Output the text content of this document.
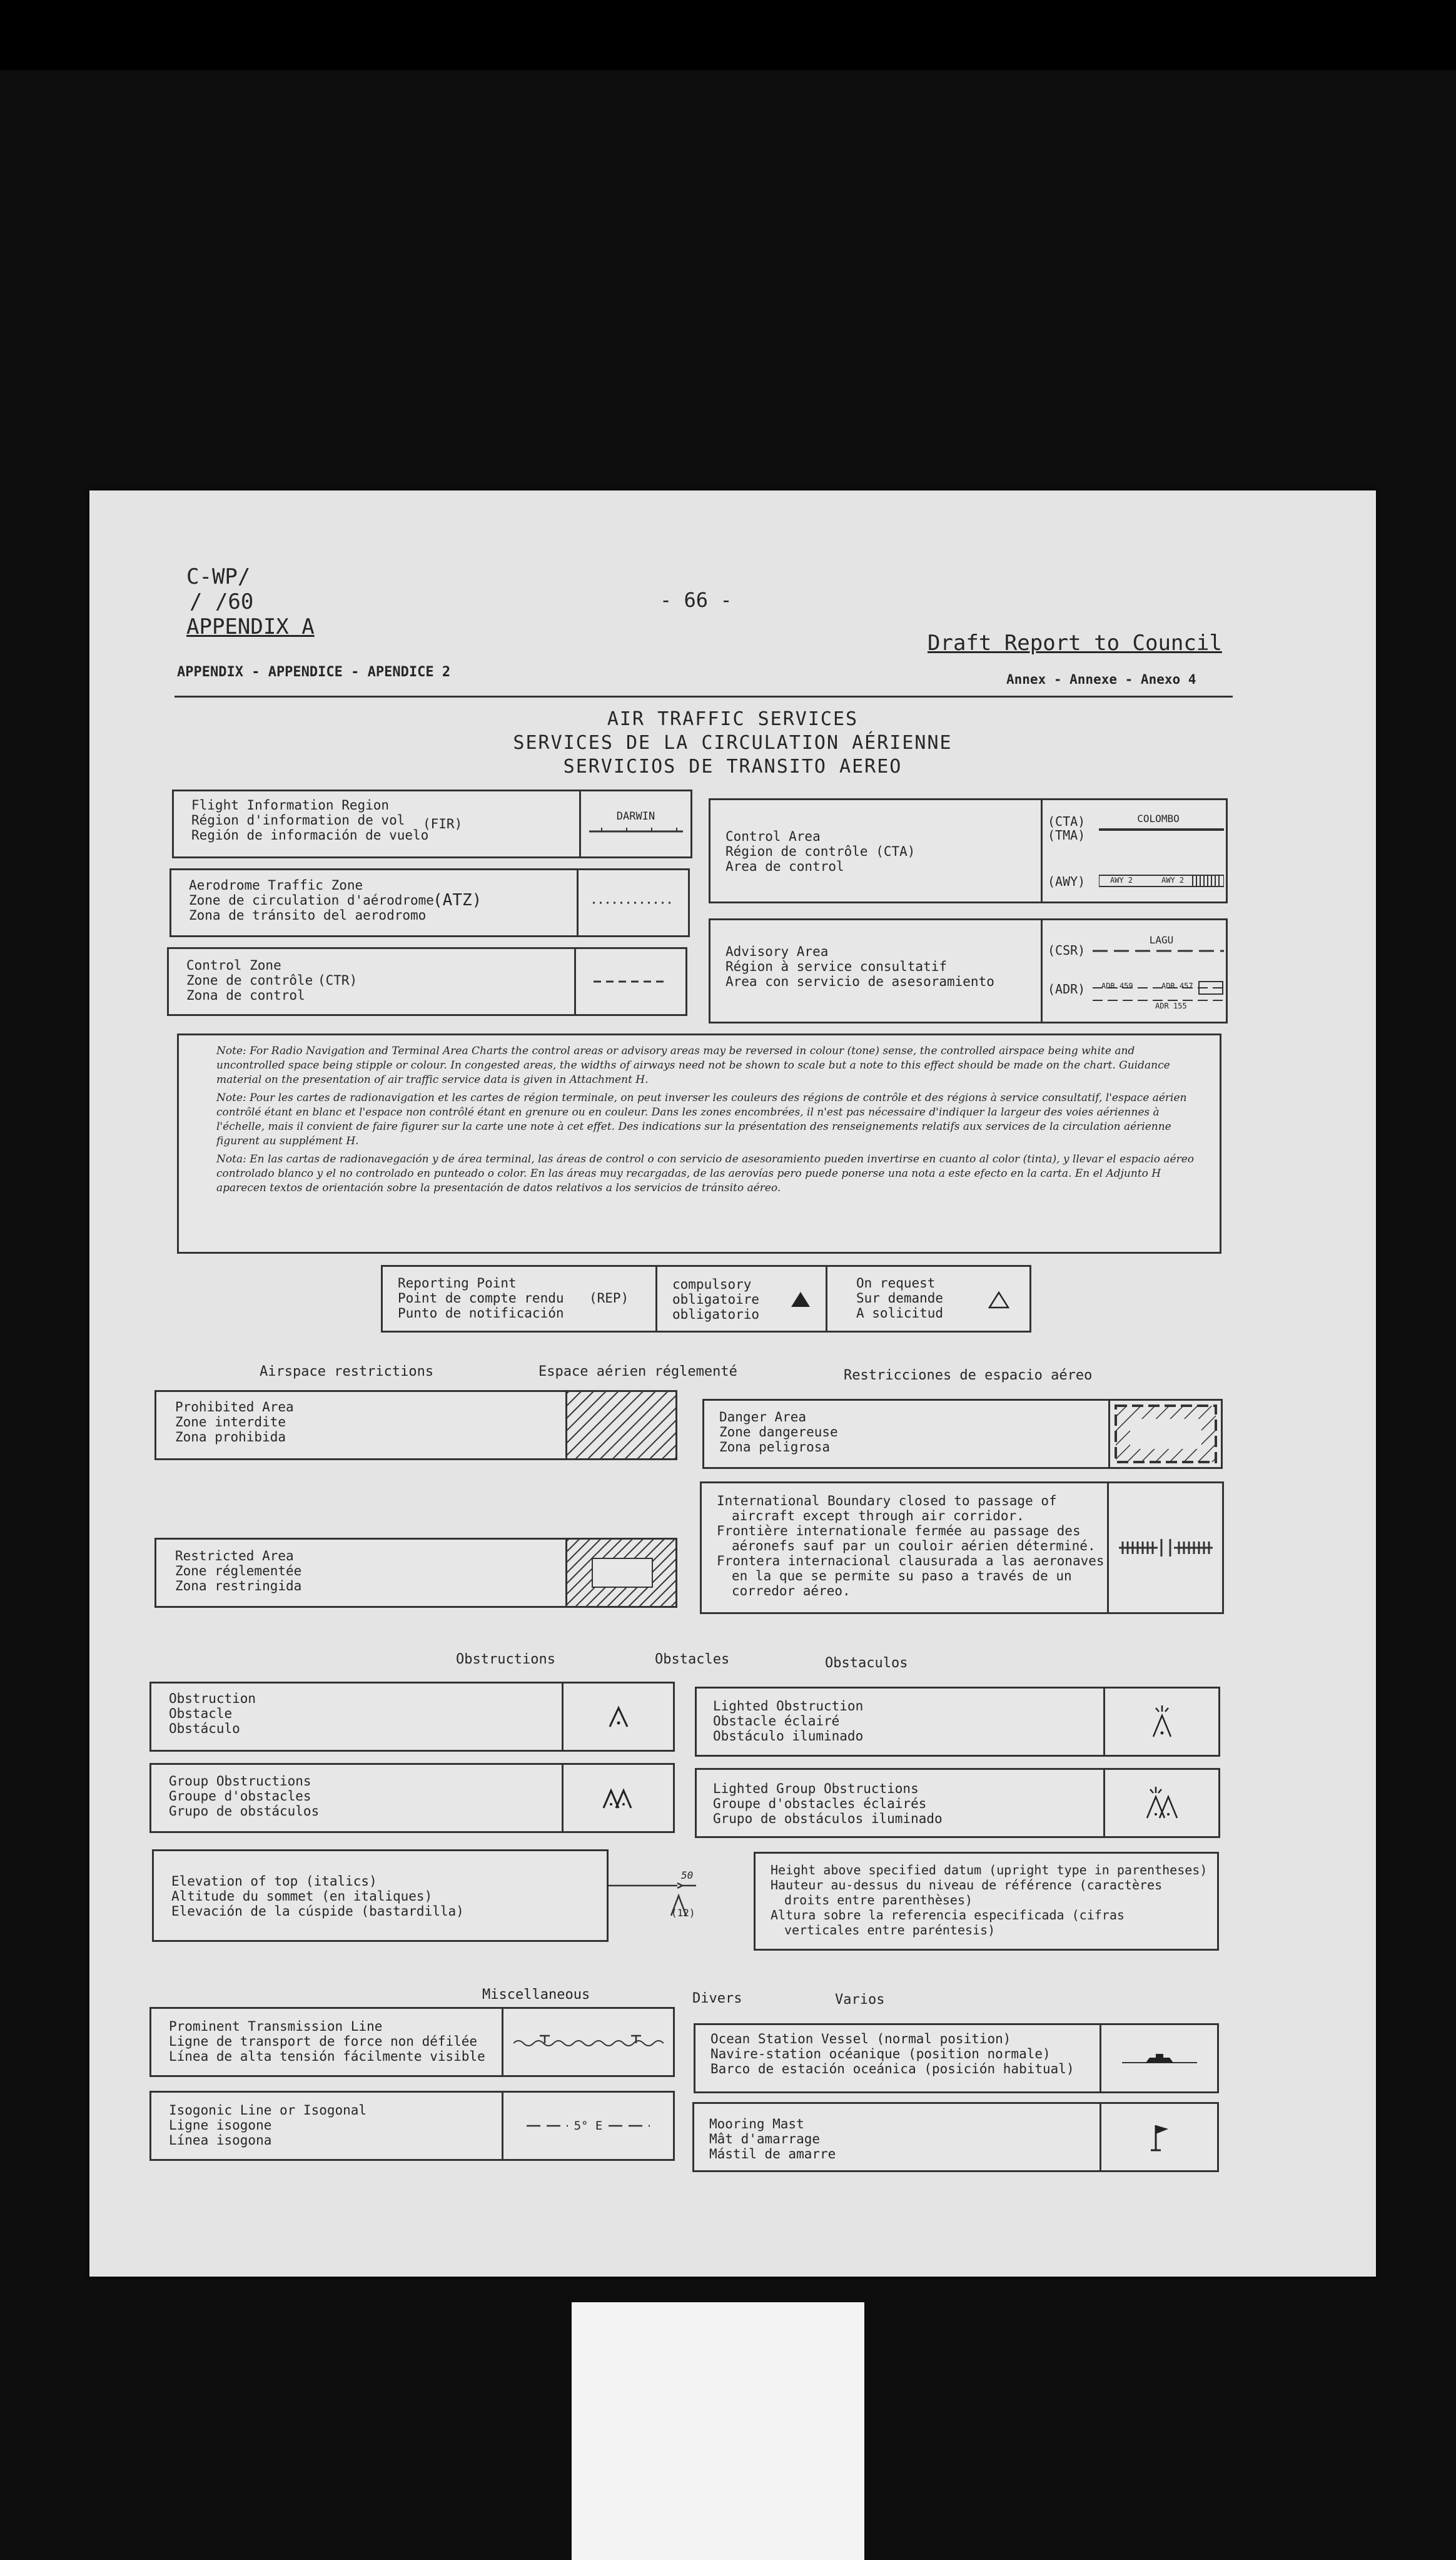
C-WP/
/ /60
APPENDIX A
- 66 -
Draft Report to Council
APPENDIX - APPENDICE - APENDICE 2	Annex - Annexe - Anexo 4
AIR TRAFFIC SERVICES
SERVICES DE LA CIRCULATION AÉRIENNE
SERVICIOS DE TRANSITO AEREO
Flight Information Region
Région d'information de vol (FIR)
Región de información de vuelo
DARWIN
Aerodrome Traffic Zone
Zone de circulation d'aérodrome
(ATZ)
Zona de tránsito del aerodromo
Control Zone
Zone de contrôle (CTR)
Zona de control
Control Area
Région de contrôle (CTA)
Area de control
(CTA)
(TMA)
(AWY)
COLOMBO
AWY 2	AWY 2
Advisory Area
Région à service consultatif
Area con servicio de asesoramiento
(CSR)
(ADR)
LAGU
ADR 459	ADR 457
ADR 155
Note: For Radio Navigation and Terminal Area Charts the control areas or advisory areas may be reversed in colour (tone) sense, the controlled airspace being white and uncontrolled space being stipple or colour. In congested areas, the widths of airways need not be shown to scale but a note to this effect should be made on the chart. Guidance material on the presentation of air traffic service data is given in Attachment H.
Note: Pour les cartes de radionavigation et les cartes de région terminale, on peut inverser les couleurs des régions de contrôle et des régions à service consultatif, l'espace aérien contrôlé étant en blanc et l'espace non contrôlé étant en grenure ou en couleur. Dans les zones encombrées, il n'est pas nécessaire d'indiquer la largeur des voies aériennes à l'échelle, mais il convient de faire figurer sur la carte une note à cet effet. Des indications sur la présentation des renseignements relatifs aux services de la circulation aérienne figurent au supplément H.
Nota: En las cartas de radionavegación y de área terminal, las áreas de control o con servicio de asesoramiento pueden invertirse en cuanto al color (tinta), y llevar el espacio aéreo controlado blanco y el no controlado en punteado o color. En las áreas muy recargadas, de las aerovías pero puede ponerse una nota a este efecto en la carta. En el Adjunto H aparecen textos de orientación sobre la presentación de datos relativos a los servicios de tránsito aéreo.
Reporting Point
Point de compte rendu
Punto de notificación
(REP)
compulsory
obligatoire
obligatorio
On request
Sur demande
A solicitud
Airspace restrictions	Espace aérien réglementé	Restricciones de espacio aéreo
Prohibited Area
Zone interdite
Zona prohibida
Danger Area
Zone dangereuse
Zona peligrosa
International Boundary closed to passage of
aircraft except through air corridor.
Frontière internationale fermée au passage des
aéronefs sauf par un couloir aérien déterminé.
Frontera internacional clausurada a las aeronaves
en la que se permite su paso a través de un
corredor aéreo.
Restricted Area
Zone réglementée
Zona restringida
Obstructions	Obstacles	Obstaculos
Obstruction
Obstacle
Obstáculo
Lighted Obstruction
Obstacle éclairé
Obstáculo iluminado
Group Obstructions
Groupe d'obstacles
Grupo de obstáculos
Lighted Group Obstructions
Groupe d'obstacles éclairés
Grupo de obstáculos iluminado
Elevation of top (italics)
Altitude du sommet (en italiques)
Elevación de la cúspide (bastardilla)
50
(12)
Height above specified datum (upright type in parentheses)
Hauteur au-dessus du niveau de référence (caractères
droits entre parenthèses)
Altura sobre la referencia especificada (cifras
verticales entre paréntesis)
Miscellaneous	Divers	Varios
Prominent Transmission Line
Ligne de transport de force non défilée
Línea de alta tensión fácilmente visible
Ocean Station Vessel (normal position)
Navire-station océanique (position normale)
Barco de estación oceánica (posición habitual)
Isogonic Line or Isogonal
Ligne isogone
Línea isogona
5° E	Mooring Mast
Mât d'amarrage
Mástil de amarre
